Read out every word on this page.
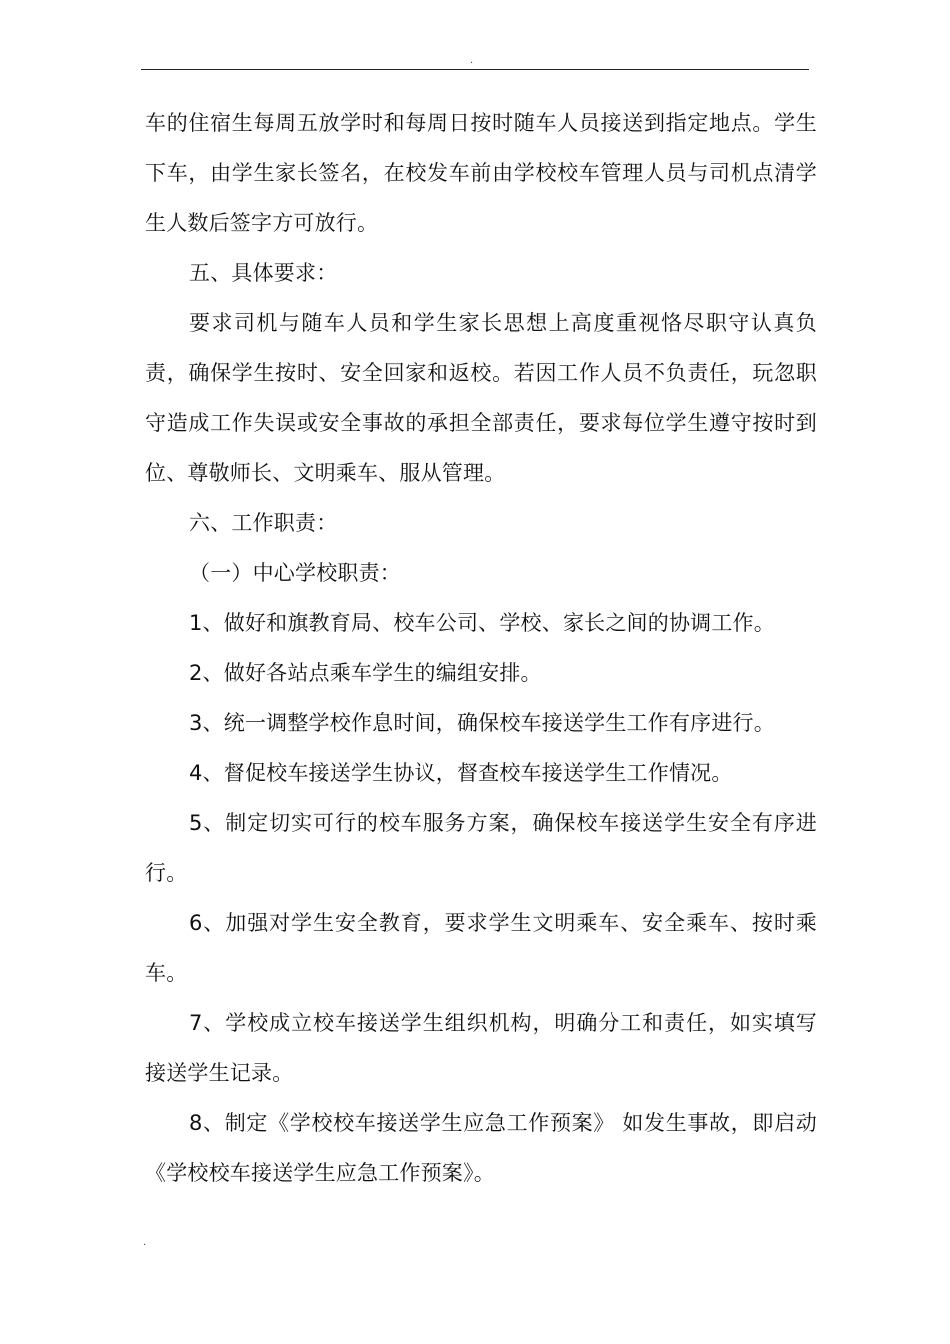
.

车的住宿生每周五放学时和每周日按时随车人员接送到指定地点。学生下车，由学生家长签名，在校发车前由学校校车管理人员与司机点清学生人数后签字方可放行。

五、具体要求：

要求司机与随车人员和学生家长思想上高度重视恪尽职守认真负责，确保学生按时、安全回家和返校。若因工作人员不负责任，玩忽职守造成工作失误或安全事故的承担全部责任，要求每位学生遵守按时到位、尊敬师长、文明乘车、服从管理。

六、工作职责：

（一）中心学校职责：

1、做好和旗教育局、校车公司、学校、家长之间的协调工作。

2、做好各站点乘车学生的编组安排。

3、统一调整学校作息时间，确保校车接送学生工作有序进行。

4、督促校车接送学生协议，督查校车接送学生工作情况。

5、制定切实可行的校车服务方案，确保校车接送学生安全有序进行。

6、加强对学生安全教育，要求学生文明乘车、安全乘车、按时乘车。

7、学校成立校车接送学生组织机构，明确分工和责任，如实填写接送学生记录。

8、制定《学校校车接送学生应急工作预案》 如发生事故，即启动《学校校车接送学生应急工作预案》。

.
